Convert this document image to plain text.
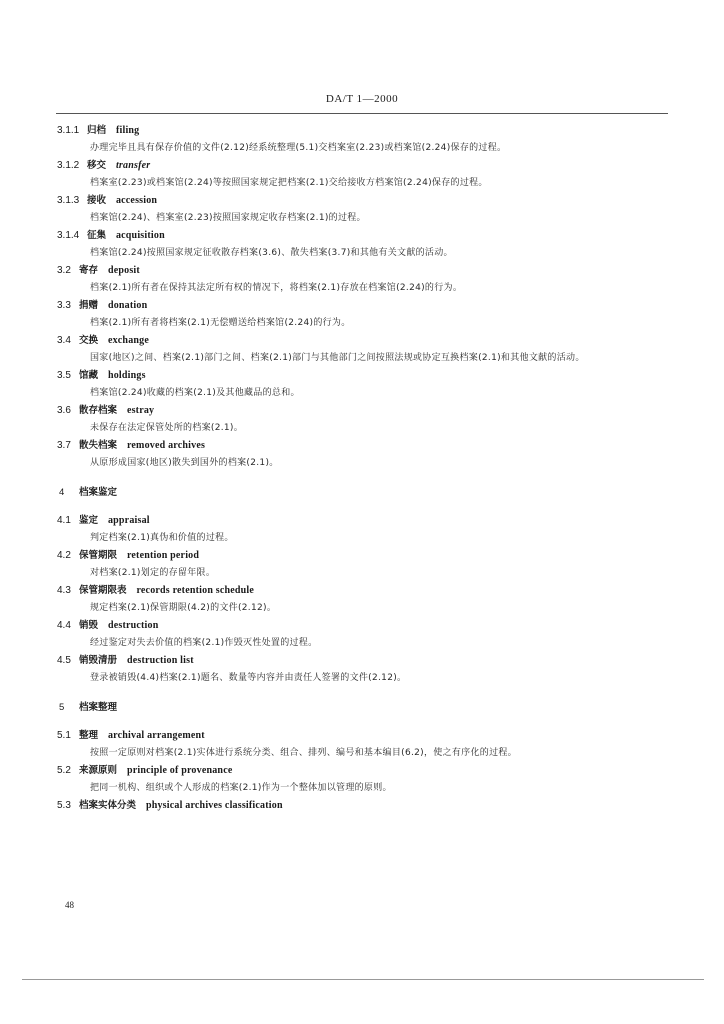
DA/T 1—2000
3.1.1 归档 filing

办理完毕且具有保存价值的文件(2.12)经系统整理(5.1)交档案室(2.23)或档案馆(2.24)保存的过程。

3.1.2 移交 transfer

档案室(2.23)或档案馆(2.24)等按照国家规定把档案(2.1)交给接收方档案馆(2.24)保存的过程。

3.1.3 接收 accession

档案馆(2.24)、档案室(2.23)按照国家规定收存档案(2.1)的过程。

3.1.4 征集 acquisition

档案馆(2.24)按照国家规定征收散存档案(3.6)、散失档案(3.7)和其他有关文献的活动。

3.2 寄存 deposit

档案(2.1)所有者在保持其法定所有权的情况下，将档案(2.1)存放在档案馆(2.24)的行为。

3.3 捐赠 donation

档案(2.1)所有者将档案(2.1)无偿赠送给档案馆(2.24)的行为。

3.4 交换 exchange

国家(地区)之间、档案(2.1)部门之间、档案(2.1)部门与其他部门之间按照法规或协定互换档案(2.1)和其他文献的活动。

3.5 馆藏 holdings

档案馆(2.24)收藏的档案(2.1)及其他藏品的总和。

3.6 散存档案 estray

未保存在法定保管处所的档案(2.1)。

3.7 散失档案 removed archives

从原形成国家(地区)散失到国外的档案(2.1)。

4 档案鉴定
4.1 鉴定 appraisal

判定档案(2.1)真伪和价值的过程。

4.2 保管期限 retention period

对档案(2.1)划定的存留年限。

4.3 保管期限表 records retention schedule

规定档案(2.1)保管期限(4.2)的文件(2.12)。

4.4 销毁 destruction

经过鉴定对失去价值的档案(2.1)作毁灭性处置的过程。

4.5 销毁清册 destruction list

登录被销毁(4.4)档案(2.1)题名、数量等内容并由责任人签署的文件(2.12)。

5 档案整理
5.1 整理 archival arrangement

按照一定原则对档案(2.1)实体进行系统分类、组合、排列、编号和基本编目(6.2)，使之有序化的过程。

5.2 来源原则 principle of provenance

把同一机构、组织或个人形成的档案(2.1)作为一个整体加以管理的原则。

5.3 档案实体分类 physical archives classification
48
